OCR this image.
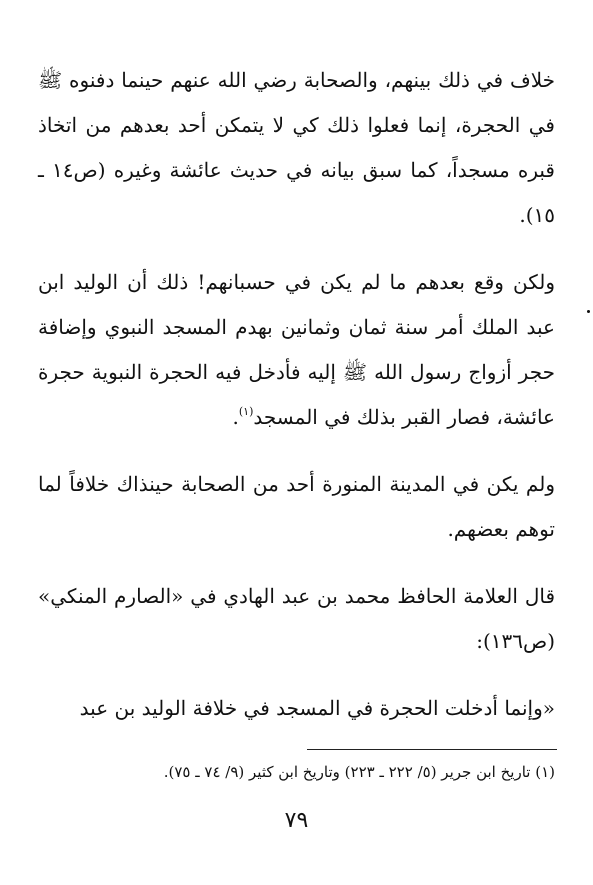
خلاف في ذلك بينهم، والصحابة رضي الله عنهم حينما دفنوه ﷺ في الحجرة، إنما فعلوا ذلك كي لا يتمكن أحد بعدهم من اتخاذ قبره مسجداً، كما سبق بيانه في حديث عائشة وغيره (ص١٤ ـ ١٥).

ولكن وقع بعدهم ما لم يكن في حسبانهم! ذلك أن الوليد ابن عبد الملك أمر سنة ثمان وثمانين بهدم المسجد النبوي وإضافة حجر أزواج رسول الله ﷺ إليه فأدخل فيه الحجرة النبوية حجرة عائشة، فصار القبر بذلك في المسجد$^{(١)}$.

ولم يكن في المدينة المنورة أحد من الصحابة حينذاك خلافاً لما توهم بعضهم.

قال العلامة الحافظ محمد بن عبد الهادي في «الصارم المنكي» (ص١٣٦):

«وإنما أدخلت الحجرة في المسجد في خلافة الوليد بن عبد

(١) تاريخ ابن جرير (٥/ ٢٢٢ ـ ٢٢٣) وتاريخ ابن كثير (٩/ ٧٤ ـ ٧٥).
٧٩
